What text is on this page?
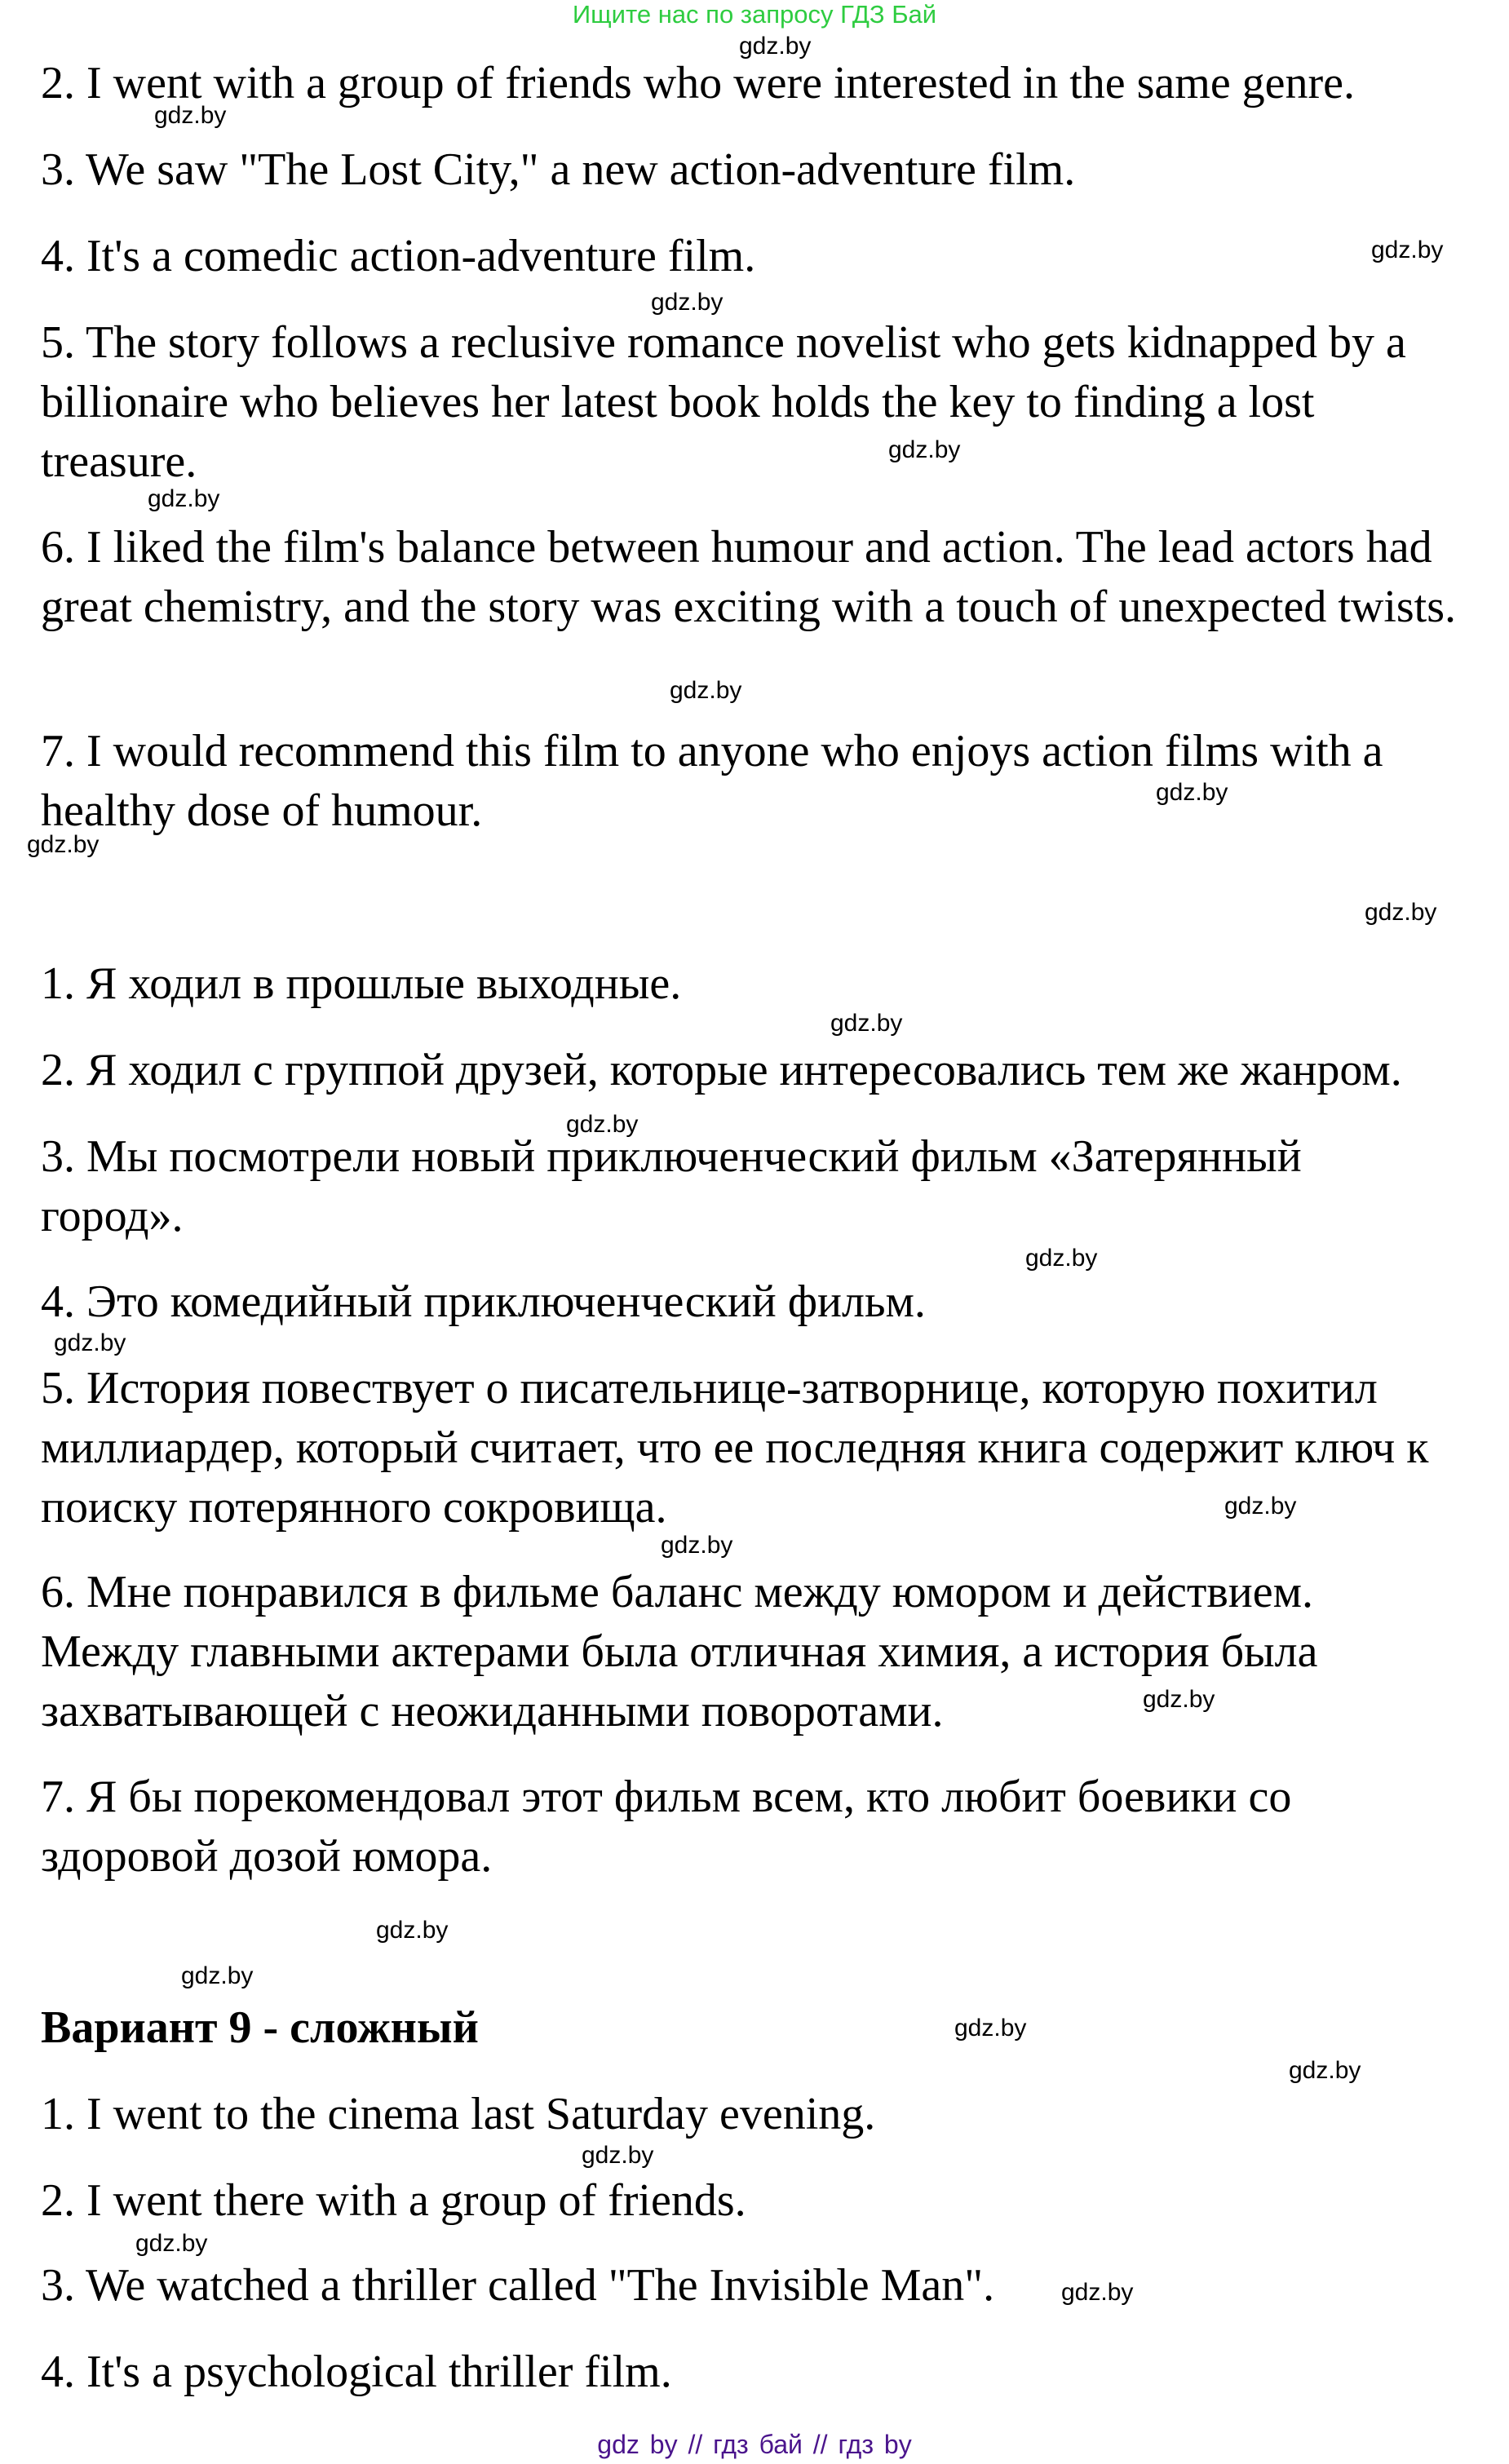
Ищите нас по запросу ГДЗ Бай

2. I went with a group of friends who were interested in the same genre.

3. We saw "The Lost City," a new action-adventure film.

4. It's a comedic action-adventure film.

5. The story follows a reclusive romance novelist who gets kidnapped by a billionaire who believes her latest book holds the key to finding a lost treasure.

6. I liked the film's balance between humour and action. The lead actors had great chemistry, and the story was exciting with a touch of unexpected twists.

7. I would recommend this film to anyone who enjoys action films with a healthy dose of humour.

1. Я ходил в прошлые выходные.

2. Я ходил с группой друзей, которые интересовались тем же жанром.

3. Мы посмотрели новый приключенческий фильм «Затерянный город».

4. Это комедийный приключенческий фильм.

5. История повествует о писательнице-затворнице, которую похитил миллиардер, который считает, что ее последняя книга содержит ключ к поиску потерянного сокровища.

6. Мне понравился в фильме баланс между юмором и действием. Между главными актерами была отличная химия, а история была захватывающей с неожиданными поворотами.

7. Я бы порекомендовал этот фильм всем, кто любит боевики со здоровой дозой юмора.

Вариант 9 - сложный

1. I went to the cinema last Saturday evening.

2. I went there with a group of friends.

3. We watched a thriller called "The Invisible Man".

4. It's a psychological thriller film.

gdz.by
gdz.by
gdz.by
gdz.by
gdz.by
gdz.by
gdz.by
gdz.by
gdz.by
gdz.by
gdz.by
gdz.by
gdz.by
gdz.by
gdz.by
gdz.by
gdz.by
gdz.by
gdz.by
gdz.by
gdz.by
gdz.by
gdz.by
gdz.by
gdz by // гдз бай // гдз by
